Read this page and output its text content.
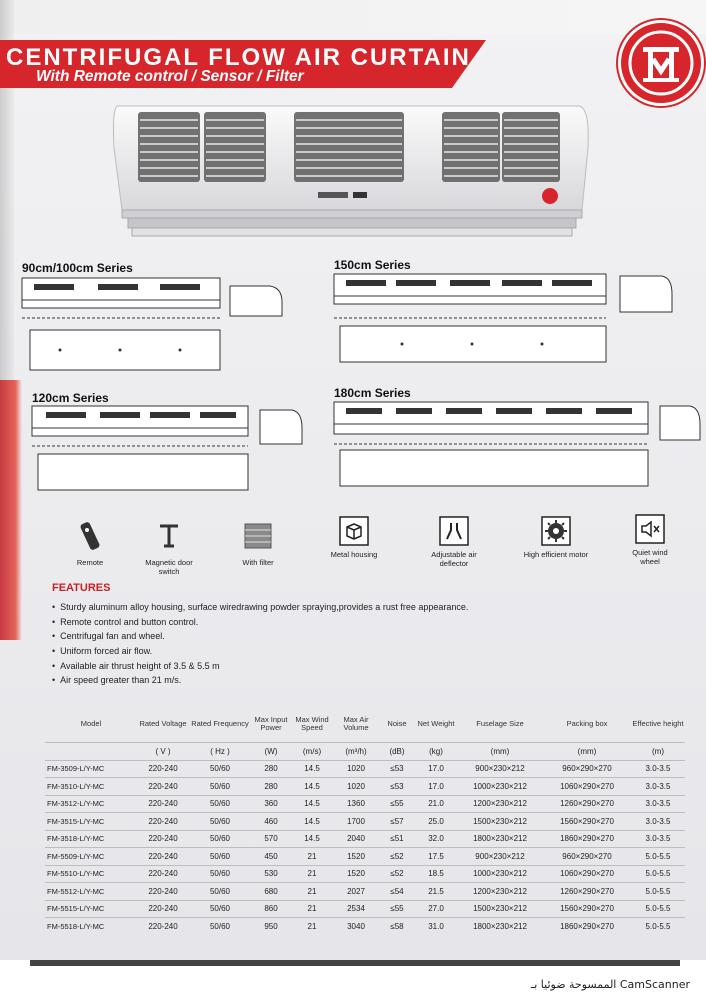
CENTRIFUGAL FLOW AIR CURTAIN
With Remote control / Sensor / Filter
90cm/100cm Series	150cm Series
120cm Series	180cm Series
Remote	Magnetic door switch
With filter
Metal housing	Adjustable air deflector
High efficient motor	Quiet wind wheel
FEATURES
• Sturdy aluminum alloy housing, surface wiredrawing powder spraying,provides a rust free appearance.
• Remote control and button control.
• Centrifugal fan and wheel.
• Uniform forced air flow.
• Available air thrust height of 3.5 & 5.5 m
• Air speed greater than 21 m/s.
Model	Rated Voltage	Rated Frequency	Max Input Power	Max Wind Speed	Max Air Volume	Noise	Net Weight	Fuselage Size	Packing box	Effective height
	( V )	( Hz )	(W)	(m/s)	(m³/h)	(dB)	(kg)	(mm)	(mm)	(m)
FM-3509-L/Y-MC	220-240	50/60	280	14.5	1020	≤53	17.0	900×230×212	960×290×270	3.0-3.5
FM-3510-L/Y-MC	220-240	50/60	280	14.5	1020	≤53	17.0	1000×230×212	1060×290×270	3.0-3.5
FM-3512-L/Y-MC	220-240	50/60	360	14.5	1360	≤55	21.0	1200×230×212	1260×290×270	3.0-3.5
FM-3515-L/Y-MC	220-240	50/60	460	14.5	1700	≤57	25.0	1500×230×212	1560×290×270	3.0-3.5
FM-3518-L/Y-MC	220-240	50/60	570	14.5	2040	≤51	32.0	1800×230×212	1860×290×270	3.0-3.5
FM-5509-L/Y-MC	220-240	50/60	450	21	1520	≤52	17.5	900×230×212	960×290×270	5.0-5.5
FM-5510-L/Y-MC	220-240	50/60	530	21	1520	≤52	18.5	1000×230×212	1060×290×270	5.0-5.5
FM-5512-L/Y-MC	220-240	50/60	680	21	2027	≤54	21.5	1200×230×212	1260×290×270	5.0-5.5
FM-5515-L/Y-MC	220-240	50/60	860	21	2534	≤55	27.0	1500×230×212	1560×290×270	5.0-5.5
FM-5518-L/Y-MC	220-240	50/60	950	21	3040	≤58	31.0	1800×230×212	1860×290×270	5.0-5.5
الممسوحة ضوئيا بـ CamScanner
